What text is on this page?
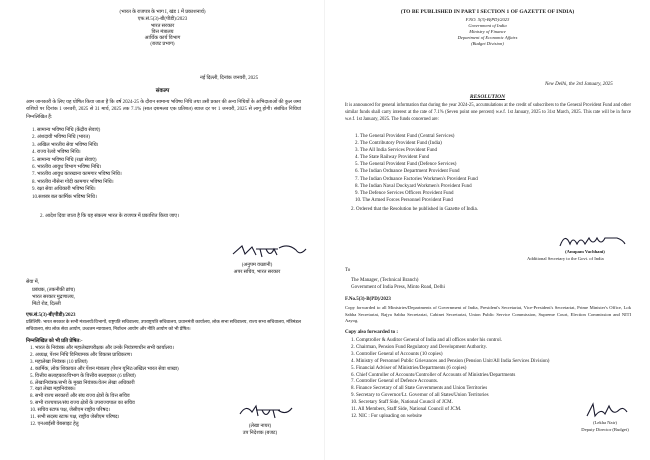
(भारत के राजपत्र के भाग I, खंड 1 में प्रकाशनार्थ)
एफ.सं.5(3)-बी(पीडी)/2023
भारत सरकार
वित्त मंत्रालय
आर्थिक कार्य विभाग
(बजट प्रभाग)
नई दिल्ली, दिनांक जनवरी, 2025
संकल्प
आम जानकारी के लिए यह घोषित किया जाता है कि वर्ष 2024-25 के दौरान सामान्य भविष्य निधि तथा उसी प्रकार की अन्य निधियों के अभिदाताओं की कुल जमा राशियों पर दिनांक 1 जनवरी, 2025 से 31 मार्च, 2025 तक 7.1% (सात दशमलव एक प्रतिशत) ब्याज दर पर 1 जनवरी, 2025 से लागू होगी। संबंधित निधियां निम्नलिखित हैं:
1. सामान्य भविष्य निधि (केंद्रीय सेवाएं)
2. अंशदायी भविष्य निधि (भारत)
3. अखिल भारतीय सेवा भविष्य निधि।
4. राज्य रेलवे भविष्य निधि।
5. सामान्य भविष्य निधि (रक्षा सेवाएं)
6. भारतीय आयुध विभाग भविष्य निधि।
7. भारतीय आयुध कारखाना कामगार भविष्य निधि।
8. भारतीय नौसेना गोदी कामगार भविष्य निधि।
9. रक्षा सेवा अधिकारी भविष्य निधि।
10.सशस्त्र बल कार्मिक भविष्य निधि।
2. आदेश दिया जाता है कि यह संकल्प भारत के राजपत्र में प्रकाशित किया जाए।
(अनुपम वच्छानी)
अपर सचिव, भारत सरकार
सेवा में,
प्रबंधक, (तकनीकी ब्रांच)
भारत सरकार मुद्रणालय,
मिंटो रोड, दिल्ली
एफ.सं.5(3)-बी(पीडी)/2023
प्रतिलिपि: भारत सरकार के सभी मंत्रालयों/विभागों, राष्ट्रपति सचिवालय, उपराष्ट्रपति सचिवालय, प्रधानमंत्री कार्यालय, लोक सभा सचिवालय, राज्य सभा सचिवालय, मंत्रिमंडल सचिवालय, संघ लोक सेवा आयोग, उच्चतम न्यायालय, निर्वाचन आयोग और नीति आयोग को भी प्रेषित।
निम्नलिखित को भी प्रति प्रेषित:-
1. भारत के नियंत्रक और महालेखापरीक्षक और उनके नियंत्रणाधीन सभी कार्यालय।
2. अध्यक्ष, पेंशन निधि विनियामक और विकास प्राधिकरण।
3. महालेखा नियंत्रक (10 प्रतियां)
4. कार्मिक, लोक शिकायत और पेंशन मंत्रालय (पेंशन यूनिट/अखिल भारत सेवा शाखा)
5. वित्तीय सलाहकार/विभाग के वित्तीय सलाहकार (6 प्रतियां)
6. लेखानियंत्रक/सभी के मुख्य नियंत्रक/वेतन लेखा अधिकारी
7. रक्षा लेखा महानियंत्रक।
8. सभी राज्य सरकारों और संघ राज्य क्षेत्रों के वित्त सचिव
9. सभी राज्यपाल/संघ राज्य क्षेत्रों के उपराज्यपाल का सचिव
10. सचिव स्टाफ पक्ष, जेसीएम राष्ट्रीय परिषद।
11. सभी सदस्य स्टाफ पक्ष, राष्ट्रीय जेसीएम परिषद।
12. एनआईसी वेबसाइट हेतु	(लेखा नायर)
उप निदेशक (बजट)
(TO BE PUBLISHED IN PART I SECTION 1 OF GAZETTE OF INDIA)
F.NO. 5(3)-B(PD)/2023
Government of India
Ministry of Finance
Department of Economic Affairs
(Budget Division)
New Delhi, the 3rd January, 2025
RESOLUTION
It is announced for general information that during the year 2024-25, accumulations at the credit of subscribers to the General Provident Fund and other similar funds shall carry interest at the rate of 7.1% (Seven point one percent) w.e.f. 1st January, 2025 to 31st March, 2025. This rate will be in force w.e.f. 1st January, 2025. The funds concerned are:
1. The General Provident Fund (Central Services)
2. The Contributory Provident Fund (India)
3. The All India Services Provident Fund
4. The State Railway Provident Fund
5. The General Provident Fund (Defence Services)
6. The Indian Ordnance Department Provident Fund
7. The Indian Ordnance Factories Workmen's Provident Fund
8. The Indian Naval Dockyard Workmen's Provident Fund
9. The Defence Services Officers Provident Fund
10. The Armed Forces Personnel Provident Fund
2. Ordered that the Resolution be published in Gazette of India.
(Anupam Vachhani)
Additional Secretary to the Govt. of India
To
The Manager, (Technical Branch)
Government of India Press, Minto Road, Delhi
F.No.5(3)-B(PD)/2023
Copy forwarded to all Ministries/Departments of Government of India, President's Secretariat, Vice-President's Secretariat, Prime Minister's Office, Lok Sabha Secretariat, Rajya Sabha Secretariat, Cabinet Secretariat, Union Public Service Commission, Supreme Court, Election Commission and NITI Aayog.
Copy also forwarded to :
1. Comptroller & Auditor General of India and all offices under his control.
2. Chairman, Pension Fund Regulatory and Development Authority.
3. Controller General of Accounts (10 copies)
4. Ministry of Personnel Public Grievances and Pension (Pension Unit/All India Services Division)
5. Financial Adviser of Ministries/Departments (6 copies)
6. Chief Controller of Accounts/Controller of Accounts of Ministries/Departments
7. Controller General of Defence Accounts.
8. Finance Secretary of all State Governments and Union Territories
9. Secretary to Governor/Lt. Governor of all States/Union Territories
10. Secretary Staff Side, National Council of JCM.
11. All Members, Staff Side, National Council of JCM.
12. NIC : For uploading on website
(Lekha Nair)
Deputy Director (Budget)
